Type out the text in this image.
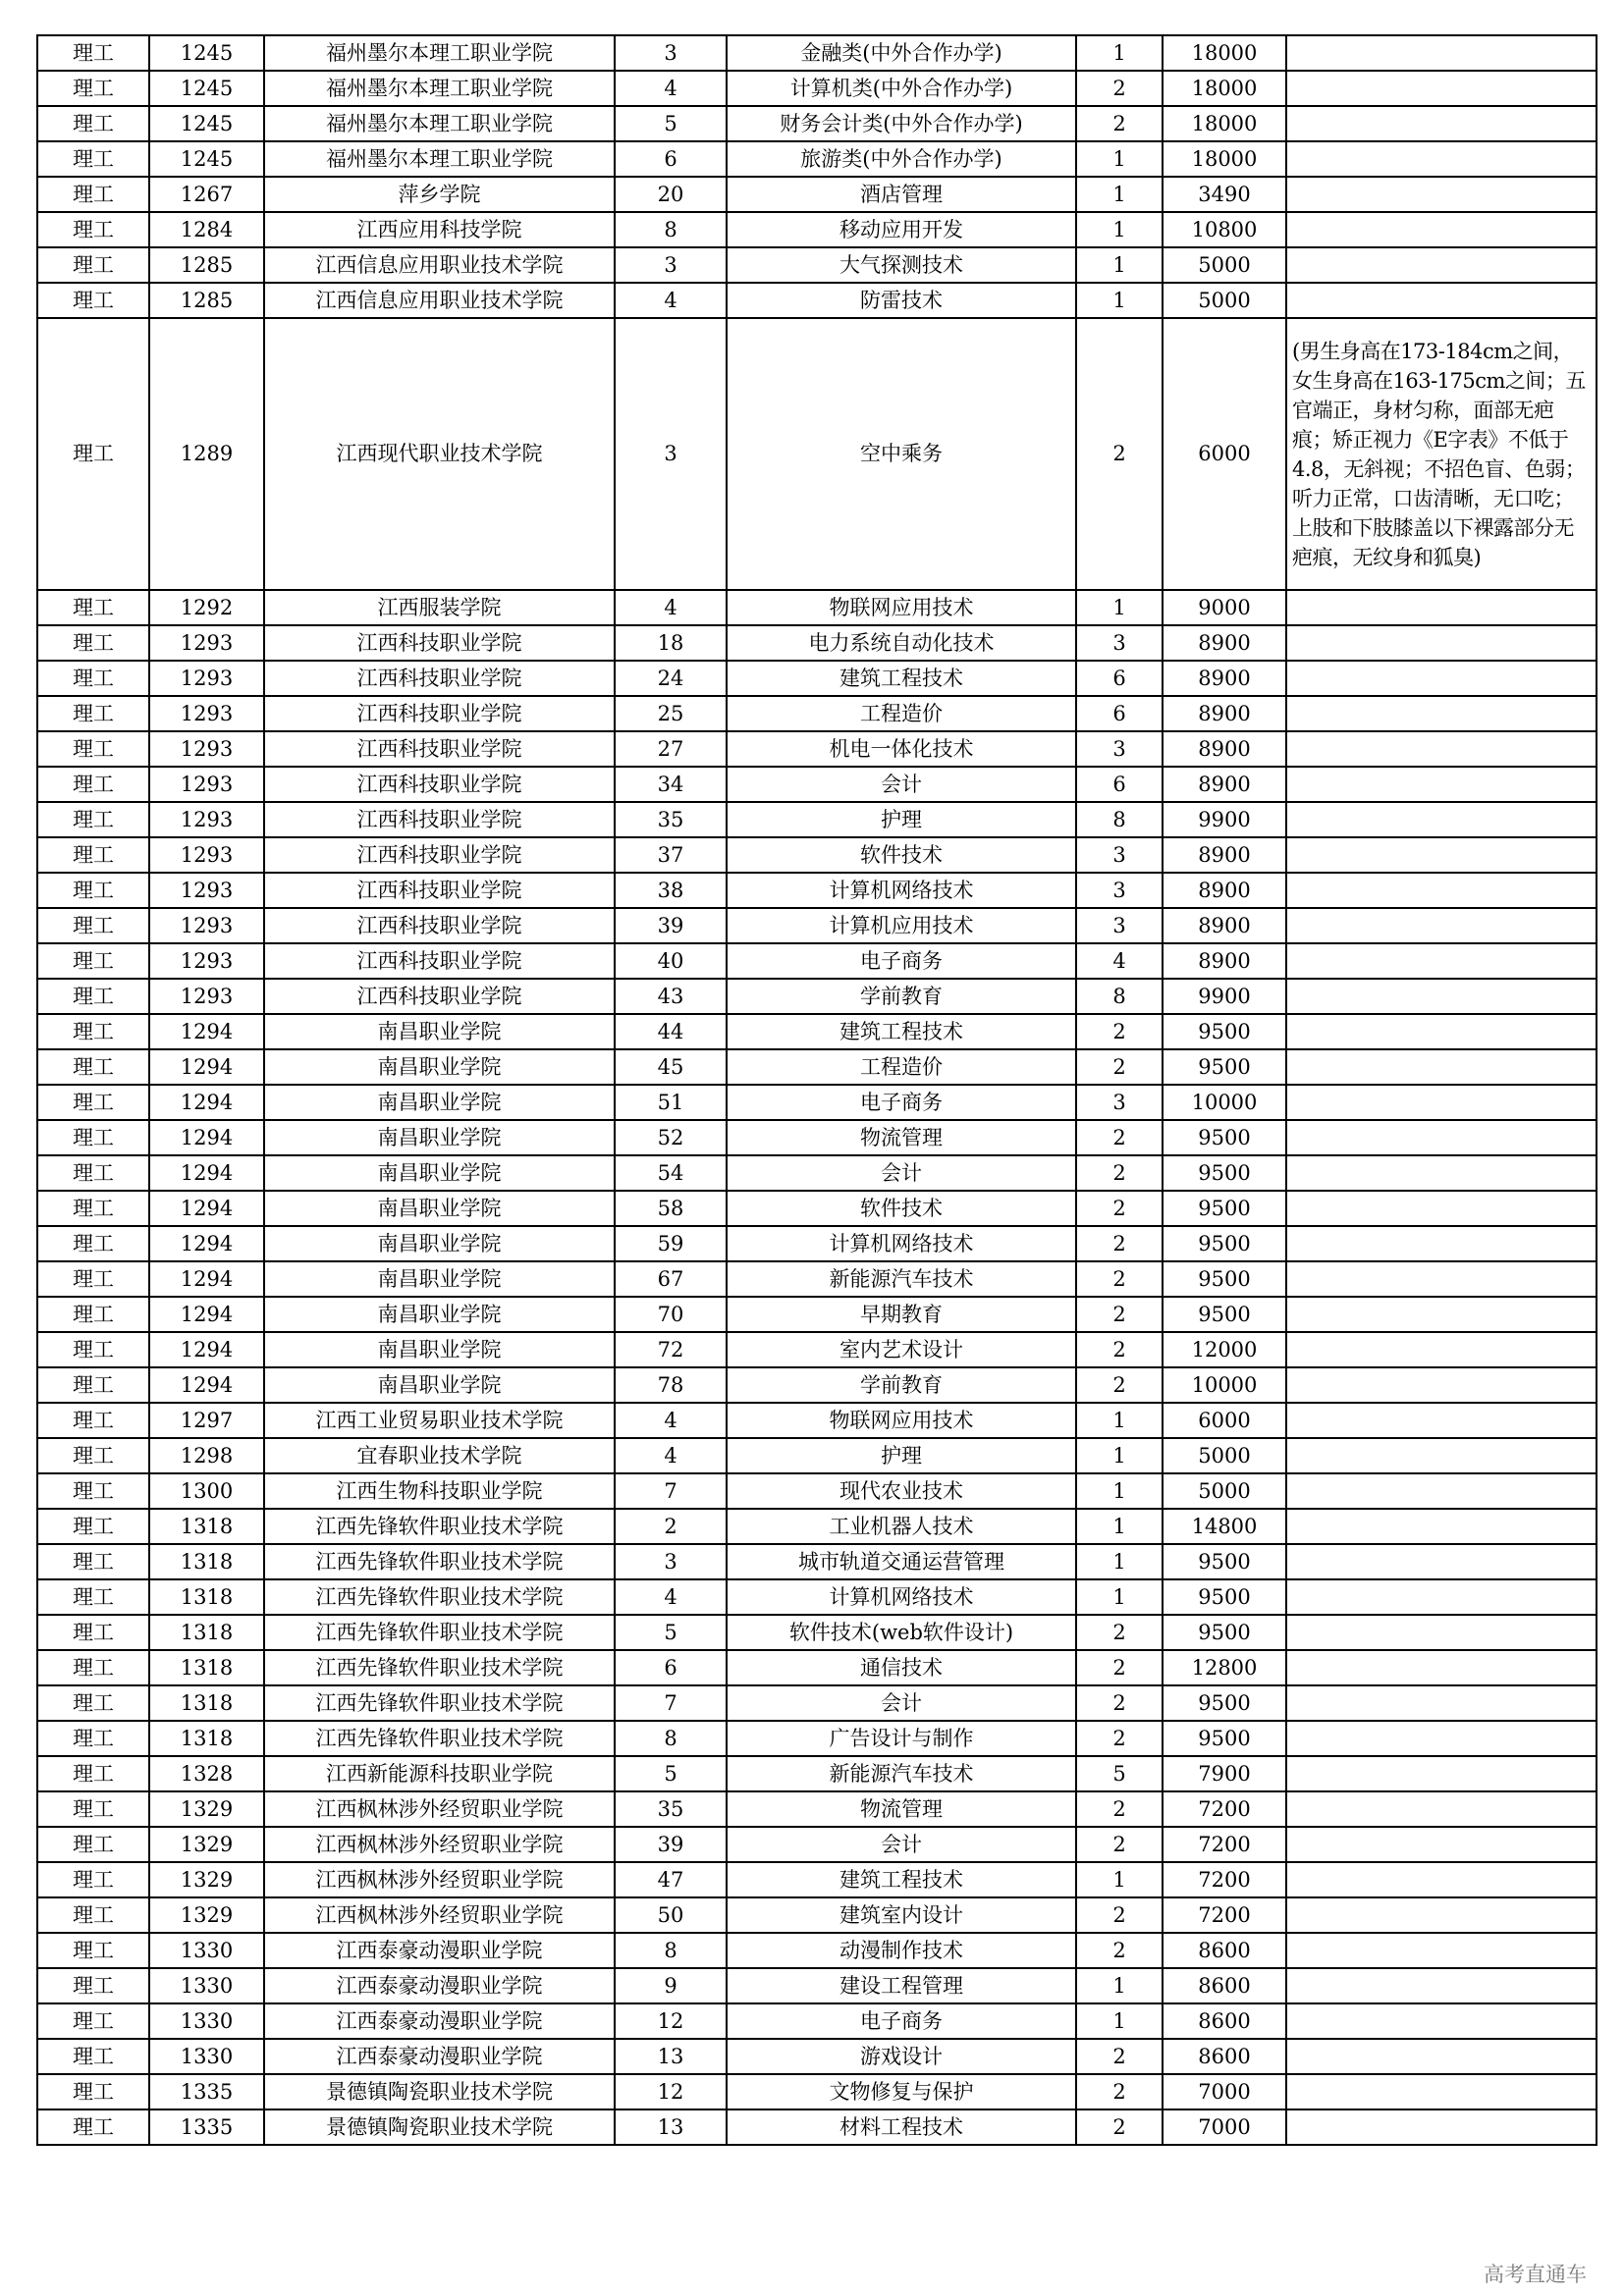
理工	1245	福州墨尔本理工职业学院	3	金融类(中外合作办学)	1	18000	
理工	1245	福州墨尔本理工职业学院	4	计算机类(中外合作办学)	2	18000	
理工	1245	福州墨尔本理工职业学院	5	财务会计类(中外合作办学)	2	18000	
理工	1245	福州墨尔本理工职业学院	6	旅游类(中外合作办学)	1	18000	
理工	1267	萍乡学院	20	酒店管理	1	3490	
理工	1284	江西应用科技学院	8	移动应用开发	1	10800	
理工	1285	江西信息应用职业技术学院	3	大气探测技术	1	5000	
理工	1285	江西信息应用职业技术学院	4	防雷技术	1	5000	
理工	1289	江西现代职业技术学院	3	空中乘务	2	6000	(男生身高在173-184cm之间，女生身高在163-175cm之间；五官端正，身材匀称，面部无疤痕；矫正视力《E字表》不低于4.8，无斜视；不招色盲、色弱；听力正常，口齿清晰，无口吃；上肢和下肢膝盖以下裸露部分无疤痕，无纹身和狐臭)

理工	1292	江西服装学院	4	物联网应用技术	1	9000	
理工	1293	江西科技职业学院	18	电力系统自动化技术	3	8900	
理工	1293	江西科技职业学院	24	建筑工程技术	6	8900	
理工	1293	江西科技职业学院	25	工程造价	6	8900	
理工	1293	江西科技职业学院	27	机电一体化技术	3	8900	
理工	1293	江西科技职业学院	34	会计	6	8900	
理工	1293	江西科技职业学院	35	护理	8	9900	
理工	1293	江西科技职业学院	37	软件技术	3	8900	
理工	1293	江西科技职业学院	38	计算机网络技术	3	8900	
理工	1293	江西科技职业学院	39	计算机应用技术	3	8900	
理工	1293	江西科技职业学院	40	电子商务	4	8900	
理工	1293	江西科技职业学院	43	学前教育	8	9900	
理工	1294	南昌职业学院	44	建筑工程技术	2	9500	
理工	1294	南昌职业学院	45	工程造价	2	9500	
理工	1294	南昌职业学院	51	电子商务	3	10000	
理工	1294	南昌职业学院	52	物流管理	2	9500	
理工	1294	南昌职业学院	54	会计	2	9500	
理工	1294	南昌职业学院	58	软件技术	2	9500	
理工	1294	南昌职业学院	59	计算机网络技术	2	9500	
理工	1294	南昌职业学院	67	新能源汽车技术	2	9500	
理工	1294	南昌职业学院	70	早期教育	2	9500	
理工	1294	南昌职业学院	72	室内艺术设计	2	12000	
理工	1294	南昌职业学院	78	学前教育	2	10000	
理工	1297	江西工业贸易职业技术学院	4	物联网应用技术	1	6000	
理工	1298	宜春职业技术学院	4	护理	1	5000	
理工	1300	江西生物科技职业学院	7	现代农业技术	1	5000	
理工	1318	江西先锋软件职业技术学院	2	工业机器人技术	1	14800	
理工	1318	江西先锋软件职业技术学院	3	城市轨道交通运营管理	1	9500	
理工	1318	江西先锋软件职业技术学院	4	计算机网络技术	1	9500	
理工	1318	江西先锋软件职业技术学院	5	软件技术(web软件设计)	2	9500	
理工	1318	江西先锋软件职业技术学院	6	通信技术	2	12800	
理工	1318	江西先锋软件职业技术学院	7	会计	2	9500	
理工	1318	江西先锋软件职业技术学院	8	广告设计与制作	2	9500	
理工	1328	江西新能源科技职业学院	5	新能源汽车技术	5	7900	
理工	1329	江西枫林涉外经贸职业学院	35	物流管理	2	7200	
理工	1329	江西枫林涉外经贸职业学院	39	会计	2	7200	
理工	1329	江西枫林涉外经贸职业学院	47	建筑工程技术	1	7200	
理工	1329	江西枫林涉外经贸职业学院	50	建筑室内设计	2	7200	
理工	1330	江西泰豪动漫职业学院	8	动漫制作技术	2	8600	
理工	1330	江西泰豪动漫职业学院	9	建设工程管理	1	8600	
理工	1330	江西泰豪动漫职业学院	12	电子商务	1	8600	
理工	1330	江西泰豪动漫职业学院	13	游戏设计	2	8600	
理工	1335	景德镇陶瓷职业技术学院	12	文物修复与保护	2	7000	
理工	1335	景德镇陶瓷职业技术学院	13	材料工程技术	2	7000	
高考直通车
